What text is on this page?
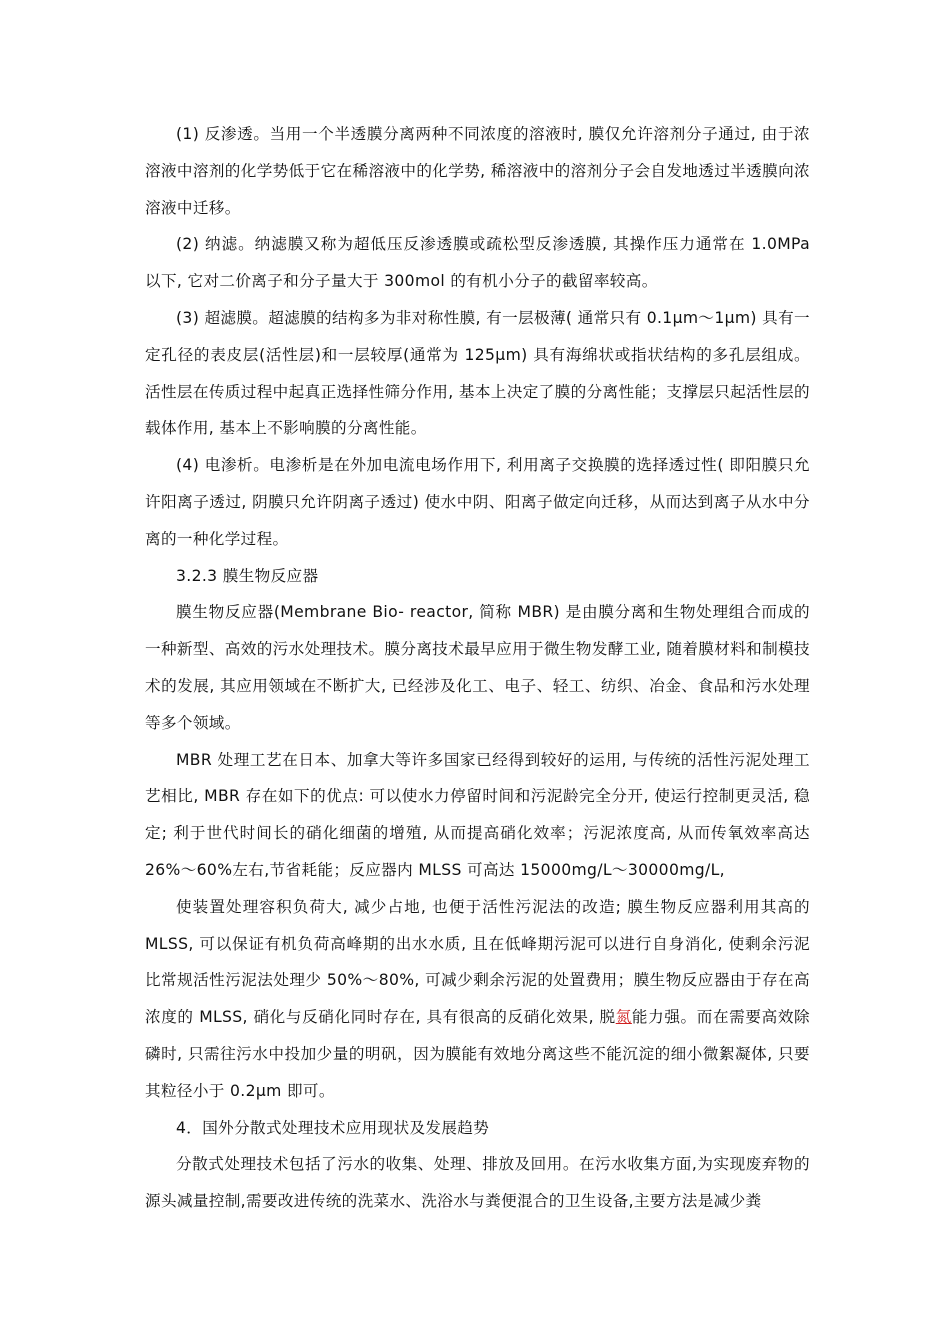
(1) 反渗透。当用一个半透膜分离两种不同浓度的溶液时, 膜仅允许溶剂分子通过, 由于浓溶液中溶剂的化学势低于它在稀溶液中的化学势, 稀溶液中的溶剂分子会自发地透过半透膜向浓溶液中迁移。

(2) 纳滤。纳滤膜又称为超低压反渗透膜或疏松型反渗透膜, 其操作压力通常在 1.0MPa 以下, 它对二价离子和分子量大于 300mol 的有机小分子的截留率较高。

(3) 超滤膜。超滤膜的结构多为非对称性膜, 有一层极薄( 通常只有 0.1μm～1μm) 具有一定孔径的表皮层(活性层)和一层较厚(通常为 125μm) 具有海绵状或指状结构的多孔层组成。活性层在传质过程中起真正选择性筛分作用, 基本上决定了膜的分离性能；支撑层只起活性层的载体作用, 基本上不影响膜的分离性能。

(4) 电渗析。电渗析是在外加电流电场作用下, 利用离子交换膜的选择透过性( 即阳膜只允许阳离子透过, 阴膜只允许阴离子透过) 使水中阴、阳离子做定向迁移，从而达到离子从水中分离的一种化学过程。

3.2.3 膜生物反应器

膜生物反应器(Membrane Bio- reactor, 简称 MBR) 是由膜分离和生物处理组合而成的一种新型、高效的污水处理技术。膜分离技术最早应用于微生物发酵工业, 随着膜材料和制模技术的发展, 其应用领域在不断扩大, 已经涉及化工、电子、轻工、纺织、冶金、食品和污水处理等多个领域。

MBR 处理工艺在日本、加拿大等许多国家已经得到较好的运用, 与传统的活性污泥处理工艺相比, MBR 存在如下的优点: 可以使水力停留时间和污泥龄完全分开, 使运行控制更灵活, 稳定; 利于世代时间长的硝化细菌的增殖, 从而提高硝化效率；污泥浓度高, 从而传氧效率高达 26%～60%左右,节省耗能；反应器内 MLSS 可高达 15000mg/L～30000mg/L,

使装置处理容积负荷大, 减少占地, 也便于活性污泥法的改造; 膜生物反应器利用其高的 MLSS, 可以保证有机负荷高峰期的出水水质, 且在低峰期污泥可以进行自身消化, 使剩余污泥比常规活性污泥法处理少 50%～80%, 可减少剩余污泥的处置费用；膜生物反应器由于存在高浓度的 MLSS, 硝化与反硝化同时存在, 具有很高的反硝化效果, 脱氮能力强。而在需要高效除磷时, 只需往污水中投加少量的明矾，因为膜能有效地分离这些不能沉淀的细小微絮凝体, 只要其粒径小于 0.2μm 即可。

4．国外分散式处理技术应用现状及发展趋势

分散式处理技术包括了污水的收集、处理、排放及回用。在污水收集方面,为实现废弃物的源头减量控制,需要改进传统的洗菜水、洗浴水与粪便混合的卫生设备,主要方法是减少粪
